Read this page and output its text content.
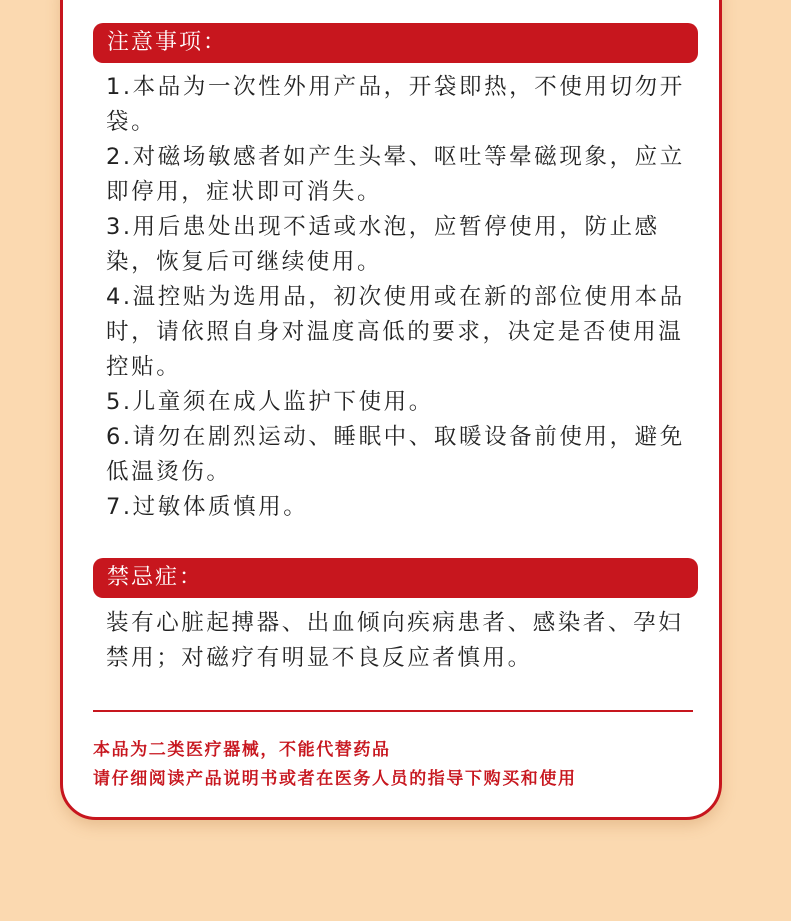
注意事项：
1.本品为一次性外用产品，开袋即热，不使用切勿开袋。
2.对磁场敏感者如产生头晕、呕吐等晕磁现象，应立即停用，症状即可消失。
3.用后患处出现不适或水泡，应暂停使用，防止感染，恢复后可继续使用。
4.温控贴为选用品，初次使用或在新的部位使用本品时，请依照自身对温度高低的要求，决定是否使用温控贴。
5.儿童须在成人监护下使用。
6.请勿在剧烈运动、睡眠中、取暖设备前使用，避免低温烫伤。
7.过敏体质慎用。
禁忌症：

装有心脏起搏器、出血倾向疾病患者、感染者、孕妇禁用；对磁疗有明显不良反应者慎用。

本品为二类医疗器械，不能代替药品
请仔细阅读产品说明书或者在医务人员的指导下购买和使用
